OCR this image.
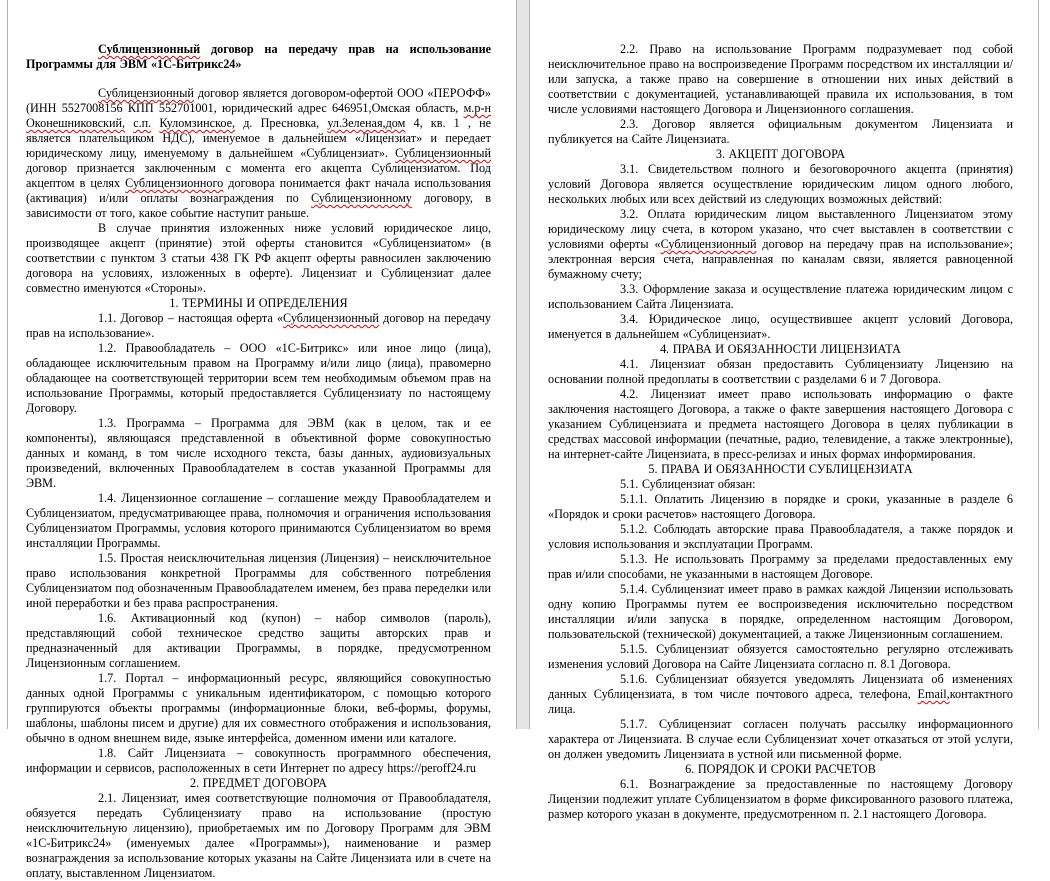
Сублицензионный договор на передачу прав на использование Программы для ЭВМ «1С-Битрикс24»

Сублицензионный договор является договором-офертой ООО «ПЕРОФФ» (ИНН 5527008156 КПП 552701001, юридический адрес 646951,Омская область, м.р-н Оконешниковский, с.п. Куломзинское, д. Пресновка, ул.Зеленая,дом 4, кв. 1 , не является плательщиком НДС), именуемое в дальнейшем «Лицензиат» и передает юридическому лицу, именуемому в дальнейшем «Сублицензиат». Сублицензионный договор признается заключенным с момента его акцепта Сублицензиатом. Под акцептом в целях Сублицензионного договора понимается факт начала использования (активация) и/или оплаты вознаграждения по Сублицензионному договору, в зависимости от того, какое событие наступит раньше.

В случае принятия изложенных ниже условий юридическое лицо, производящее акцепт (принятие) этой оферты становится «Сублицензиатом» (в соответствии с пунктом 3 статьи 438 ГК РФ акцепт оферты равносилен заключению договора на условиях, изложенных в оферте). Лицензиат и Сублицензиат далее совместно именуются «Стороны».

1. ТЕРМИНЫ И ОПРЕДЕЛЕНИЯ

1.1. Договор – настоящая оферта «Сублицензионный договор на передачу прав на использование».

1.2. Правообладатель – ООО «1С-Битрикс» или иное лицо (лица), обладающее исключительным правом на Программу и/или лицо (лица), правомерно обладающее на соответствующей территории всем тем необходимым объемом прав на использование Программы, который предоставляется Сублицензиату по настоящему Договору.

1.3. Программа – Программа для ЭВМ (как в целом, так и ее компоненты), являющаяся представленной в объективной форме совокупностью данных и команд, в том числе исходного текста, базы данных, аудиовизуальных произведений, включенных Правообладателем в состав указанной Программы для ЭВМ.

1.4. Лицензионное соглашение – соглашение между Правообладателем и Сублицензиатом, предусматривающее права, полномочия и ограничения использования Сублицензиатом Программы, условия которого принимаются Сублицензиатом во время инсталляции Программы.

1.5. Простая неисключительная лицензия (Лицензия) – неисключительное право использования конкретной Программы для собственного потребления Сублицензиатом под обозначенным Правообладателем именем, без права переделки или иной переработки и без права распространения.

1.6. Активационный код (купон) – набор символов (пароль), представляющий собой техническое средство защиты авторских прав и предназначенный для активации Программы, в порядке, предусмотренном Лицензионным соглашением.

1.7. Портал – информационный ресурс, являющийся совокупностью данных одной Программы с уникальным идентификатором, с помощью которого группируются объекты программы (информационные блоки, веб-формы, форумы, шаблоны, шаблоны писем и другие) для их совместного отображения и использования, обычно в одном внешнем виде, языке интерфейса, доменном имени или каталоге.

1.8. Сайт Лицензиата – совокупность программного обеспечения, информации и сервисов, расположенных в сети Интернет по адресу https://peroff24.ru

2. ПРЕДМЕТ ДОГОВОРА

2.1. Лицензиат, имея соответствующие полномочия от Правообладателя, обязуется передать Сублицензиату право на использование (простую неисключительную лицензию), приобретаемых им по Договору Программ для ЭВМ «1С-Битрикс24» (именуемых далее «Программы»), наименование и размер вознаграждения за использование которых указаны на Сайте Лицензиата или в счете на оплату, выставленном Лицензиатом.

2.2. Право на использование Программ подразумевает под собой неисключительное право на воспроизведение Программ посредством их инсталляции и/или запуска, а также право на совершение в отношении них иных действий в соответствии с документацией, устанавливающей правила их использования, в том числе условиями настоящего Договора и Лицензионного соглашения.

2.3. Договор является официальным документом Лицензиата и публикуется на Сайте Лицензиата.

3. АКЦЕПТ ДОГОВОРА

3.1. Свидетельством полного и безоговорочного акцепта (принятия) условий Договора является осуществление юридическим лицом одного любого, нескольких любых или всех действий из следующих возможных действий:

3.2. Оплата юридическим лицом выставленного Лицензиатом этому юридическому лицу счета, в котором указано, что счет выставлен в соответствии с условиями оферты «Сублицензионный договор на передачу прав на использование»; электронная версия счета, направленная по каналам связи, является равноценной бумажному счету;

3.3. Оформление заказа и осуществление платежа юридическим лицом с использованием Сайта Лицензиата.

3.4. Юридическое лицо, осуществившее акцепт условий Договора, именуется в дальнейшем «Сублицензиат».

4. ПРАВА И ОБЯЗАННОСТИ ЛИЦЕНЗИАТА

4.1. Лицензиат обязан предоставить Сублицензиату Лицензию на основании полной предоплаты в соответствии с разделами 6 и 7 Договора.

4.2. Лицензиат имеет право использовать информацию о факте заключения настоящего Договора, а также о факте завершения настоящего Договора с указанием Сублицензиата и предмета настоящего Договора в целях публикации в средствах массовой информации (печатные, радио, телевидение, а также электронные), на интернет-сайте Лицензиата, в пресс-релизах и иных формах информирования.

5. ПРАВА И ОБЯЗАННОСТИ СУБЛИЦЕНЗИАТА

5.1. Сублицензиат обязан:

5.1.1. Оплатить Лицензию в порядке и сроки, указанные в разделе 6 «Порядок и сроки расчетов» настоящего Договора.

5.1.2. Соблюдать авторские права Правообладателя, а также порядок и условия использования и эксплуатации Программ.

5.1.3. Не использовать Программу за пределами предоставленных ему прав и/или способами, не указанными в настоящем Договоре.

5.1.4. Сублицензиат имеет право в рамках каждой Лицензии использовать одну копию Программы путем ее воспроизведения исключительно посредством инсталляции и/или запуска в порядке, определенном настоящим Договором, пользовательской (технической) документацией, а также Лицензионным соглашением.

5.1.5. Сублицензиат обязуется самостоятельно регулярно отслеживать изменения условий Договора на Сайте Лицензиата согласно п. 8.1 Договора.

5.1.6. Сублицензиат обязуется уведомлять Лицензиата об изменениях данных Сублицензиата, в том числе почтового адреса, телефона, Email,контактного лица.

5.1.7. Сублицензиат согласен получать рассылку информационного характера от Лицензиата. В случае если Сублицензиат хочет отказаться от этой услуги, он должен уведомить Лицензиата в устной или письменной форме.

6. ПОРЯДОК И СРОКИ РАСЧЕТОВ

6.1. Вознаграждение за предоставленные по настоящему Договору Лицензии подлежит уплате Сублицензиатом в форме фиксированного разового платежа, размер которого указан в документе, предусмотренном п. 2.1 настоящего Договора.
